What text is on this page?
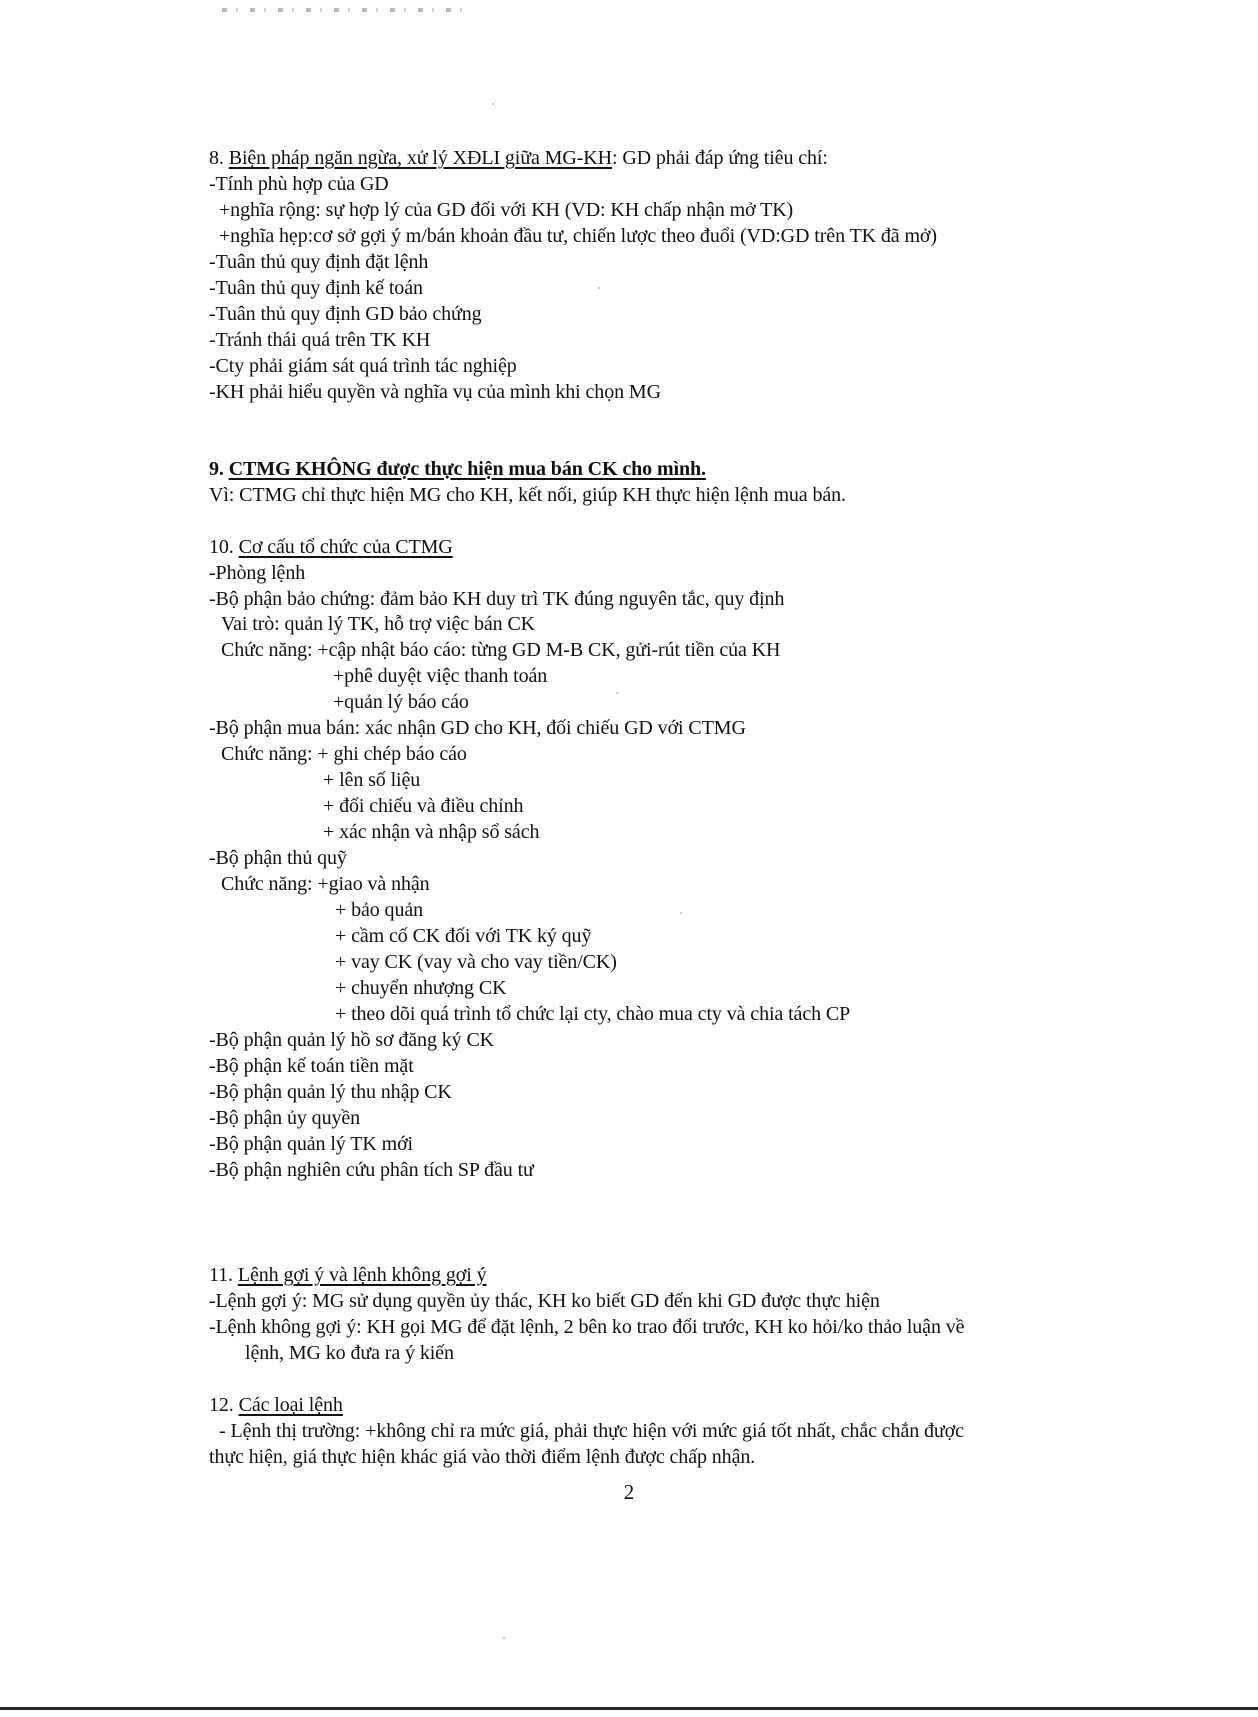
8. Biện pháp ngăn ngừa, xử lý XĐLI giữa MG-KH: GD phải đáp ứng tiêu chí:
-Tính phù hợp của GD
+nghĩa rộng: sự hợp lý của GD đối với KH (VD: KH chấp nhận mở TK)
+nghĩa hẹp:cơ sở gợi ý m/bán khoản đầu tư, chiến lược theo đuổi (VD:GD trên TK đã mở)
-Tuân thủ quy định đặt lệnh
-Tuân thủ quy định kế toán
-Tuân thủ quy định GD bảo chứng
-Tránh thái quá trên TK KH
-Cty phải giám sát quá trình tác nghiệp
-KH phải hiểu quyền và nghĩa vụ của mình khi chọn MG
9. CTMG KHÔNG được thực hiện mua bán CK cho mình.
Vì: CTMG chỉ thực hiện MG cho KH, kết nối, giúp KH thực hiện lệnh mua bán.
10. Cơ cấu tổ chức của CTMG
-Phòng lệnh
-Bộ phận bảo chứng: đảm bảo KH duy trì TK đúng nguyên tắc, quy định
Vai trò: quản lý TK, hỗ trợ việc bán CK
Chức năng: +cập nhật báo cáo: từng GD M-B CK, gửi-rút tiền của KH
+phê duyệt việc thanh toán
+quản lý báo cáo
-Bộ phận mua bán: xác nhận GD cho KH, đối chiếu GD với CTMG
Chức năng: + ghi chép báo cáo
+ lên số liệu
+ đối chiếu và điều chỉnh
+ xác nhận và nhập sổ sách
-Bộ phận thủ quỹ
Chức năng: +giao và nhận
+ bảo quản
+ cầm cố CK đối với TK ký quỹ
+ vay CK (vay và cho vay tiền/CK)
+ chuyển nhượng CK
+ theo dõi quá trình tổ chức lại cty, chào mua cty và chia tách CP
-Bộ phận quản lý hồ sơ đăng ký CK
-Bộ phận kế toán tiền mặt
-Bộ phận quản lý thu nhập CK
-Bộ phận ủy quyền
-Bộ phận quản lý TK mới
-Bộ phận nghiên cứu phân tích SP đầu tư
11. Lệnh gợi ý và lệnh không gợi ý
-Lệnh gợi ý: MG sử dụng quyền ủy thác, KH ko biết GD đến khi GD được thực hiện
-Lệnh không gợi ý: KH gọi MG để đặt lệnh, 2 bên ko trao đổi trước, KH ko hỏi/ko thảo luận về
lệnh, MG ko đưa ra ý kiến
12. Các loại lệnh
- Lệnh thị trường: +không chỉ ra mức giá, phải thực hiện với mức giá tốt nhất, chắc chắn được
thực hiện, giá thực hiện khác giá vào thời điểm lệnh được chấp nhận.
2
